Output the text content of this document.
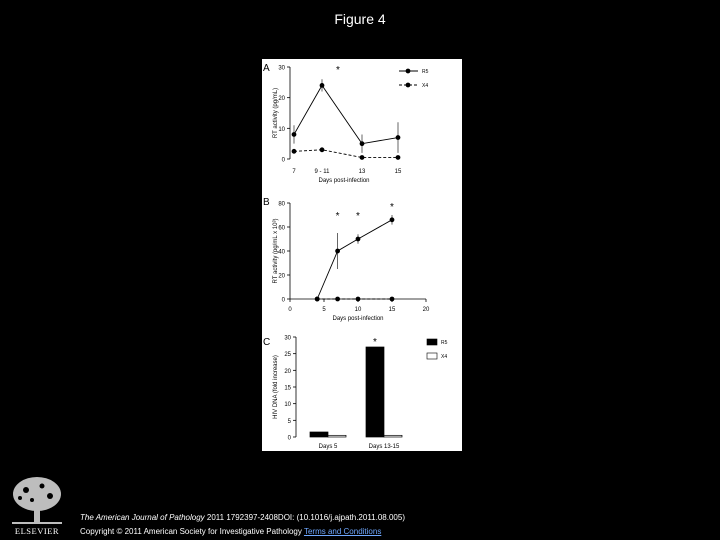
Figure 4
A
0
10
20
30
7	9 - 11	13	15
Days post-infection
RT activity (pg/mL)
*	R5
X4
B
0
20
40
60
80
0	5	10	15	20
Days post-infection
RT activity (pg/mL x 10³)
* *
*
C
0
5
10
15
20
25
30
HIV DNA (fold increase)
Days 5	Days 13-15
*	R5
X4
ELSEVIER
The American Journal of Pathology 2011 1792397-2408DOI: (10.1016/j.ajpath.2011.08.005)
Copyright © 2011 American Society for Investigative Pathology Terms and Conditions
